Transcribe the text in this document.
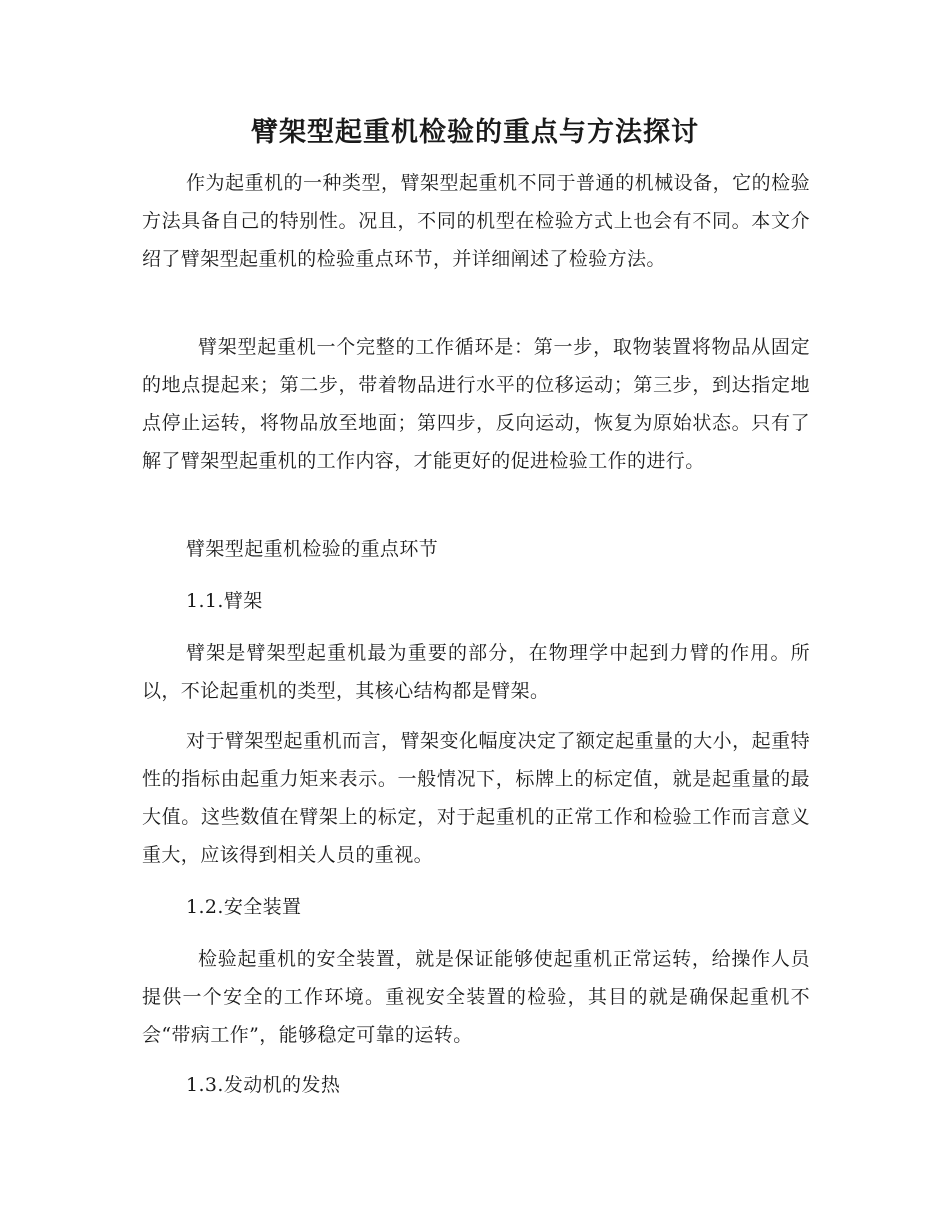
臂架型起重机检验的重点与方法探讨

作为起重机的一种类型，臂架型起重机不同于普通的机械设备，它的检验方法具备自己的特别性。况且，不同的机型在检验方式上也会有不同。本文介绍了臂架型起重机的检验重点环节，并详细阐述了检验方法。

臂架型起重机一个完整的工作循环是：第一步，取物装置将物品从固定的地点提起来；第二步，带着物品进行水平的位移运动；第三步，到达指定地点停止运转，将物品放至地面；第四步，反向运动，恢复为原始状态。只有了解了臂架型起重机的工作内容，才能更好的促进检验工作的进行。

臂架型起重机检验的重点环节

1.1.臂架

臂架是臂架型起重机最为重要的部分，在物理学中起到力臂的作用。所以，不论起重机的类型，其核心结构都是臂架。

对于臂架型起重机而言，臂架变化幅度决定了额定起重量的大小，起重特性的指标由起重力矩来表示。一般情况下，标牌上的标定值，就是起重量的最大值。这些数值在臂架上的标定，对于起重机的正常工作和检验工作而言意义重大，应该得到相关人员的重视。

1.2.安全装置

检验起重机的安全装置，就是保证能够使起重机正常运转，给操作人员提供一个安全的工作环境。重视安全装置的检验，其目的就是确保起重机不会“带病工作”，能够稳定可靠的运转。

1.3.发动机的发热
